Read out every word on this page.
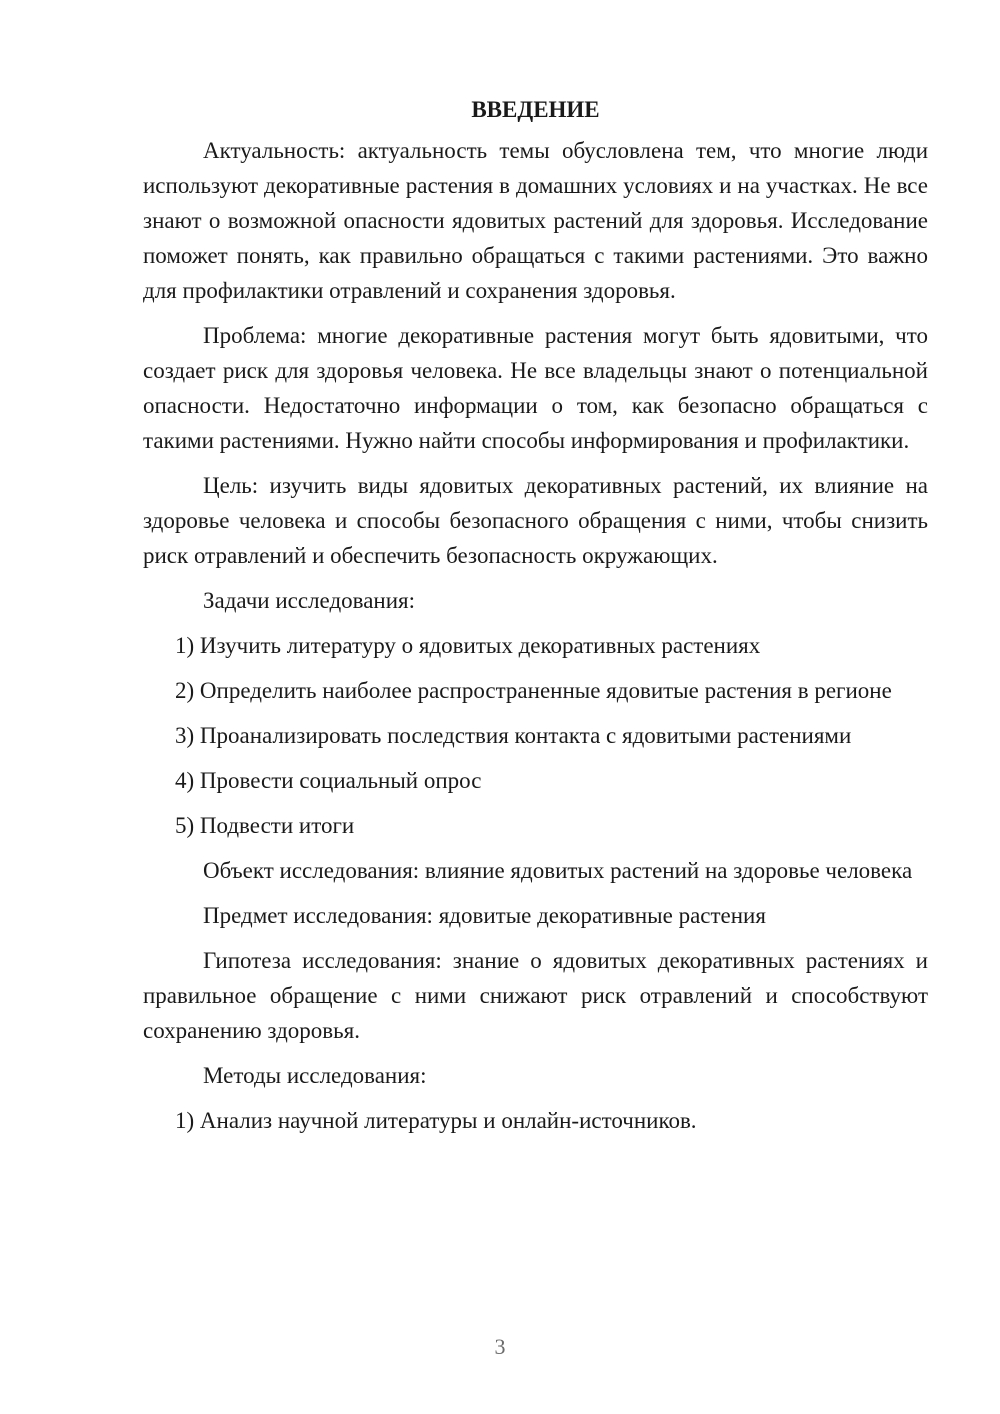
ВВЕДЕНИЕ

Актуальность: актуальность темы обусловлена тем, что многие люди используют декоративные растения в домашних условиях и на участках. Не все знают о возможной опасности ядовитых растений для здоровья. Исследование поможет понять, как правильно обращаться с такими растениями. Это важно для профилактики отравлений и сохранения здоровья.

Проблема: многие декоративные растения могут быть ядовитыми, что создает риск для здоровья человека. Не все владельцы знают о потенциальной опасности. Недостаточно информации о том, как безопасно обращаться с такими растениями. Нужно найти способы информирования и профилактики.

Цель: изучить виды ядовитых декоративных растений, их влияние на здоровье человека и способы безопасного обращения с ними, чтобы снизить риск отравлений и обеспечить безопасность окружающих.

Задачи исследования:

1) Изучить литературу о ядовитых декоративных растениях

2) Определить наиболее распространенные ядовитые растения в регионе

3) Проанализировать последствия контакта с ядовитыми растениями

4) Провести социальный опрос

5) Подвести итоги

Объект исследования: влияние ядовитых растений на здоровье человека

Предмет исследования: ядовитые декоративные растения

Гипотеза исследования: знание о ядовитых декоративных растениях и правильное обращение с ними снижают риск отравлений и способствуют сохранению здоровья.

Методы исследования:

1) Анализ научной литературы и онлайн-источников.

3
